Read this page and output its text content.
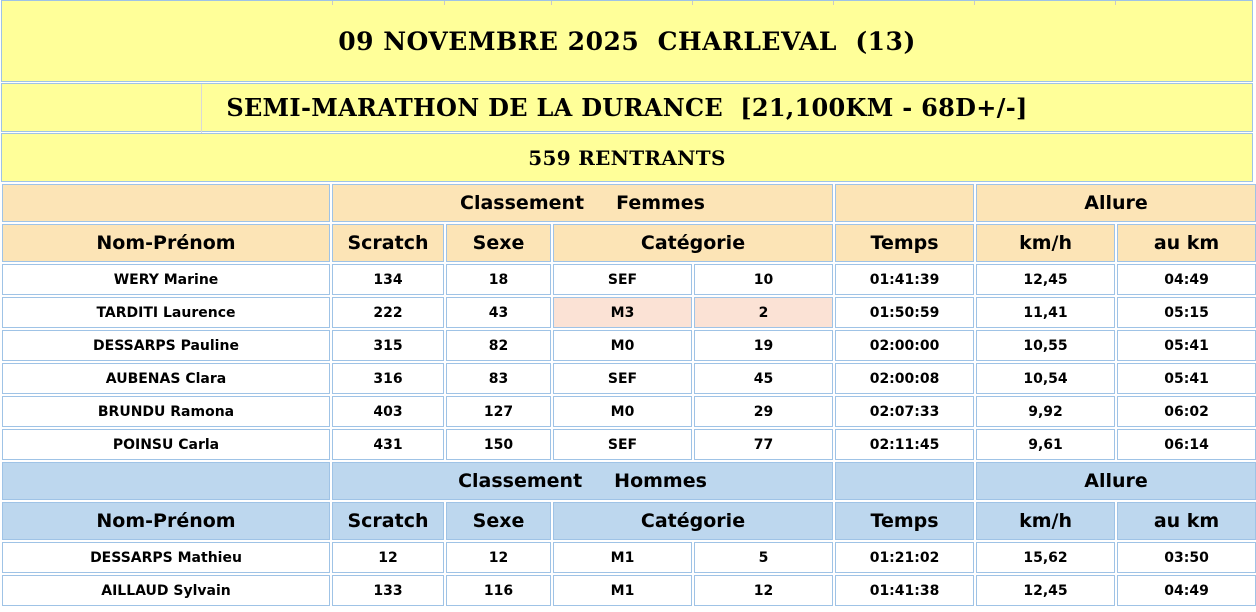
09 NOVEMBRE 2025  CHARLEVAL  (13)
SEMI-MARATHON DE LA DURANCE  [21,100KM - 68D+/-]
559 RENTRANTS
	Classement Femmes					Allure	
Nom-Prénom	Scratch	Sexe	Catégorie		Temps	km/h	au km
WERY Marine	134	18	SEF	10	01:41:39	12,45	04:49
TARDITI Laurence	222	43	M3	2	01:50:59	11,41	05:15
DESSARPS Pauline	315	82	M0	19	02:00:00	10,55	05:41
AUBENAS Clara	316	83	SEF	45	02:00:08	10,54	05:41
BRUNDU Ramona	403	127	M0	29	02:07:33	9,92	06:02
POINSU Carla	431	150	SEF	77	02:11:45	9,61	06:14
	Classement Hommes					Allure	
Nom-Prénom	Scratch	Sexe	Catégorie		Temps	km/h	au km
DESSARPS Mathieu	12	12	M1	5	01:21:02	15,62	03:50
AILLAUD Sylvain	133	116	M1	12	01:41:38	12,45	04:49
